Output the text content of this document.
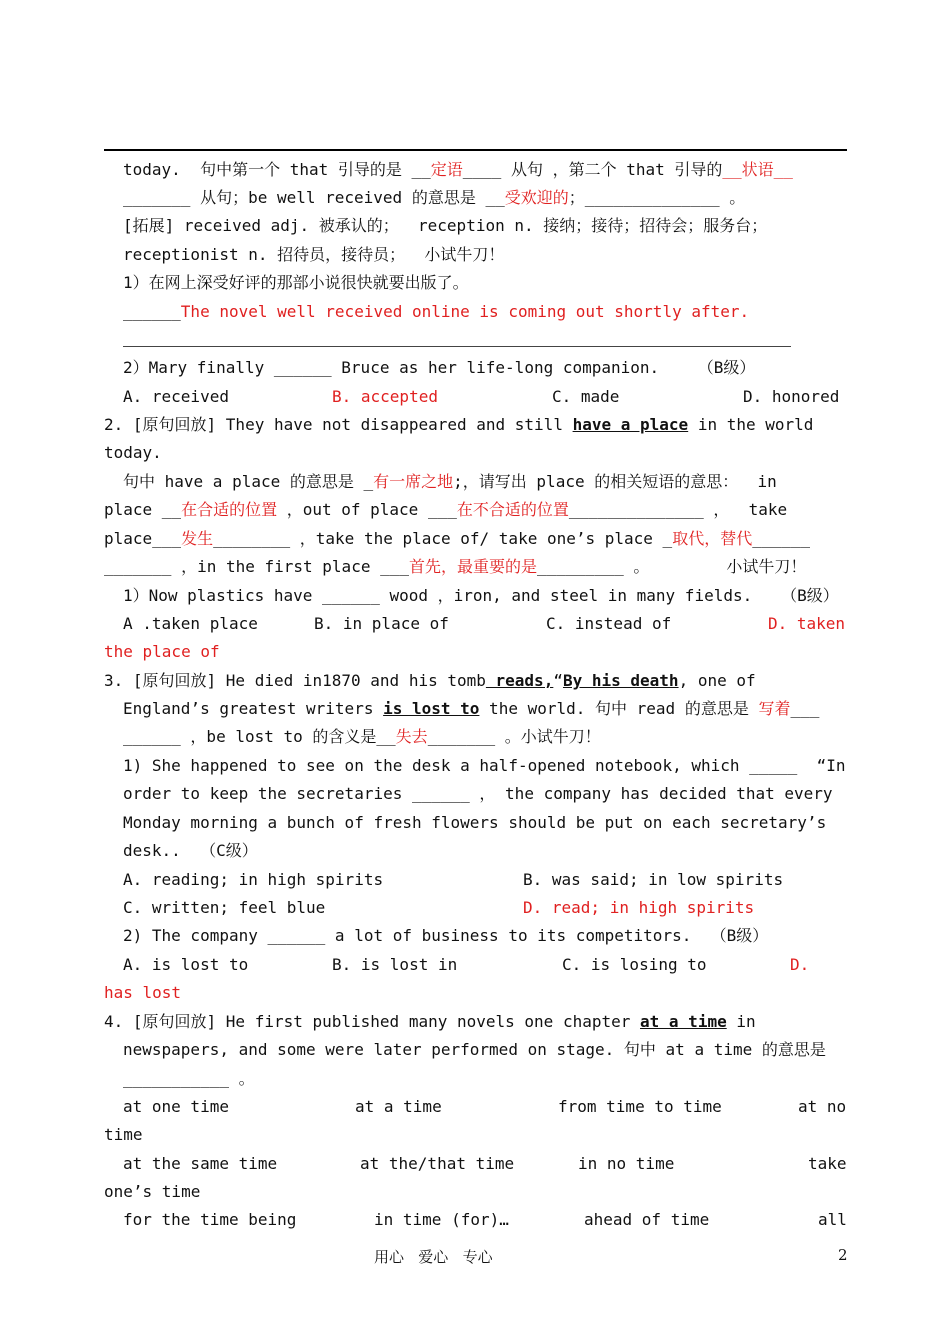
today.  句中第一个 that 引导的是 __定语____ 从句 ，第二个 that 引导的__状语__
_______ 从句；be well received 的意思是 __受欢迎的；______________ 。
[拓展] received adj. 被承认的；  reception n. 接纳；接待；招待会；服务台；
receptionist n. 招待员，接待员；  小试牛刀！
1）在网上深受好评的那部小说很快就要出版了。
______The novel well received online is coming out shortly after.
2）Mary finally ______ Bruce as her life-long companion.    （B级）
A. received	B. accepted	C. made	D. honored
2. [原句回放] They have not disappeared and still have a place in the world
today.
句中 have a place 的意思是 _有一席之地;，请写出 place 的相关短语的意思：  in
place __在合适的位置 ，out of place ___在不合适的位置______________ ，  take
place___发生________ ，take the place of/ take one’s place _取代，替代______
_______ ，in the first place ___首先，最重要的是_________ 。        小试牛刀！
1）Now plastics have ______ wood ，iron, and steel in many fields.   （B级）
A .taken place	B. in place of	C. instead of	D. taken
the place of
3. [原句回放] He died in1870 and his tomb reads,“By his death, one of
England’s greatest writers is lost to the world. 句中 read 的意思是 写着___
______ ，be lost to 的含义是__失去_______ 。小试牛刀！
1) She happened to see on the desk a half-opened notebook, which _____  “In
order to keep the secretaries ______ ， the company has decided that every
Monday morning a bunch of fresh flowers should be put on each secretary’s
desk..  （C级）
A. reading; in high spirits	B. was said; in low spirits
C. written; feel blue	D. read; in high spirits
2) The company ______ a lot of business to its competitors.  （B级）
A. is lost to	B. is lost in	C. is losing to	D.
has lost
4. [原句回放] He first published many novels one chapter at a time in
newspapers, and some were later performed on stage. 句中 at a time 的意思是
___________ 。
at one time	at a time	from time to time	at no
time
at the same time	at the/that time	in no time	take
one’s time
for the time being	in time (for)…	ahead of time	all
用心   爱心   专心	2
